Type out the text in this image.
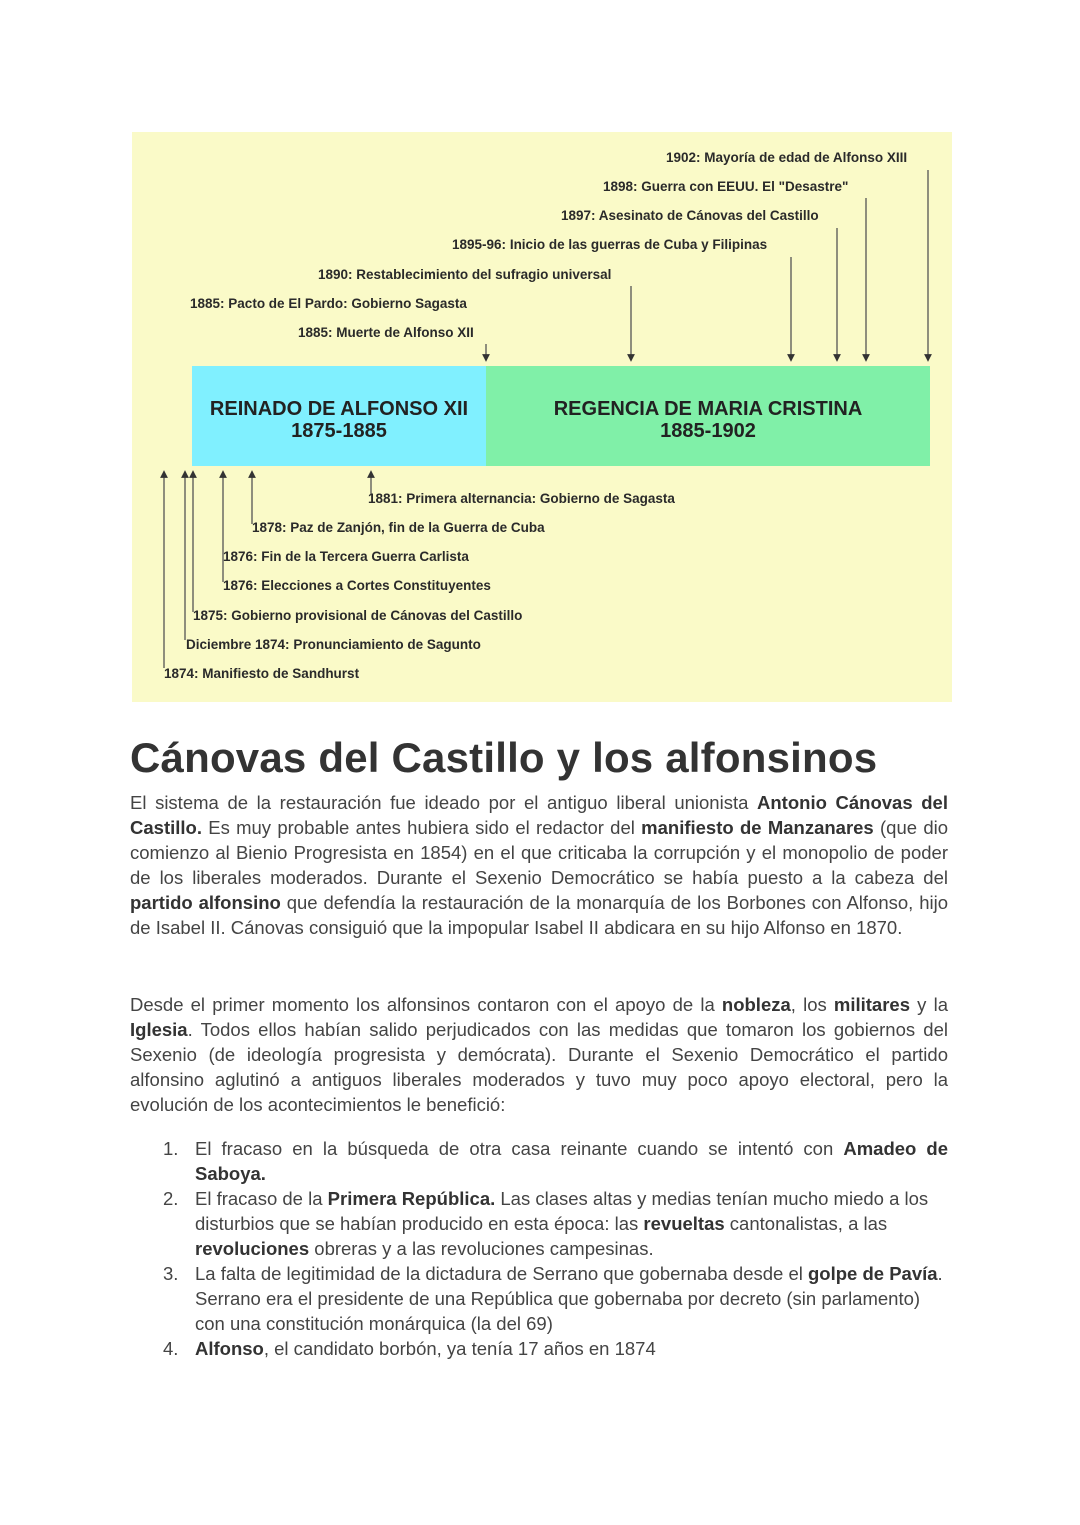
1902: Mayoría de edad de Alfonso XIII
1898: Guerra con EEUU. El "Desastre"
1897: Asesinato de Cánovas del Castillo
1895-96: Inicio de las guerras de Cuba y Filipinas
1890: Restablecimiento del sufragio universal
1885: Pacto de El Pardo: Gobierno Sagasta
1885: Muerte de Alfonso XII
REINADO DE ALFONSO XII
1875-1885
REGENCIA DE MARIA CRISTINA
1885-1902
1881: Primera alternancia: Gobierno de Sagasta
1878: Paz de Zanjón, fin de la Guerra de Cuba
1876: Fin de la Tercera Guerra Carlista
1876: Elecciones a Cortes Constituyentes
1875: Gobierno provisional de Cánovas del Castillo
Diciembre 1874: Pronunciamiento de Sagunto
1874: Manifiesto de Sandhurst
Cánovas del Castillo y los alfonsinos

El sistema de la restauración fue ideado por el antiguo liberal unionista Antonio Cánovas del Castillo. Es muy probable antes hubiera sido el redactor del manifiesto de Manzanares (que dio comienzo al Bienio Progresista en 1854) en el que criticaba la corrupción y el monopolio de poder de los liberales moderados. Durante el Sexenio Democrático se había puesto a la cabeza del partido alfonsino que defendía la restauración de la monarquía de los Borbones con Alfonso, hijo de Isabel II. Cánovas consiguió que la impopular Isabel II abdicara en su hijo Alfonso en 1870.

Desde el primer momento los alfonsinos contaron con el apoyo de la nobleza, los militares y la Iglesia. Todos ellos habían salido perjudicados con las medidas que tomaron los gobiernos del Sexenio (de ideología progresista y demócrata). Durante el Sexenio Democrático el partido alfonsino aglutinó a antiguos liberales moderados y tuvo muy poco apoyo electoral, pero la evolución de los acontecimientos le benefició:

1. El fracaso en la búsqueda de otra casa reinante cuando se intentó con Amadeo de Saboya.
2. El fracaso de la Primera República. Las clases altas y medias tenían mucho miedo a los disturbios que se habían producido en esta época: las revueltas cantonalistas, a las revoluciones obreras y a las revoluciones campesinas.
3. La falta de legitimidad de la dictadura de Serrano que gobernaba desde el golpe de Pavía. Serrano era el presidente de una República que gobernaba por decreto (sin parlamento) con una constitución monárquica (la del 69)
4. Alfonso, el candidato borbón, ya tenía 17 años en 1874
